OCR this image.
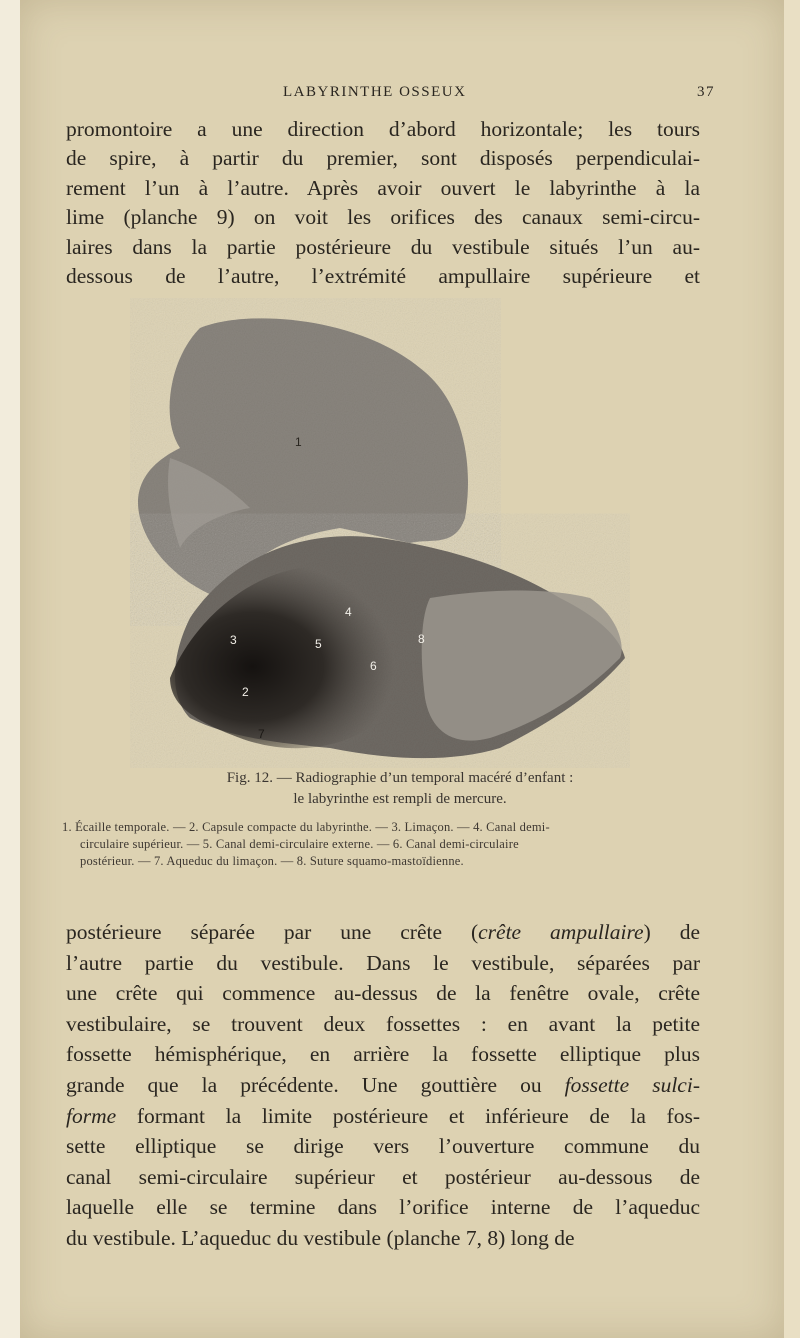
LABYRINTHE OSSEUX	37
promontoire a une direction d’abord horizontale; les tours
de spire, à partir du premier, sont disposés perpendiculai-
rement l’un à l’autre. Après avoir ouvert le labyrinthe à la
lime (planche 9) on voit les orifices des canaux semi-circu-
laires dans la partie postérieure du vestibule situés l’un au-
dessous de l’autre, l’extrémité ampullaire supérieure et
1
2
3
4
5
6
7
8
Fig. 12. — Radiographie d’un temporal macéré d’enfant :
le labyrinthe est rempli de mercure.
1. Écaille temporale. — 2. Capsule compacte du labyrinthe. — 3. Limaçon. — 4. Canal demi-
circulaire supérieur. — 5. Canal demi-circulaire externe. — 6. Canal demi-circulaire
postérieur. — 7. Aqueduc du limaçon. — 8. Suture squamo-mastoïdienne.
postérieure séparée par une crête (crête ampullaire) de
l’autre partie du vestibule. Dans le vestibule, séparées par
une crête qui commence au-dessus de la fenêtre ovale, crête
vestibulaire, se trouvent deux fossettes : en avant la petite
fossette hémisphérique, en arrière la fossette elliptique plus
grande que la précédente. Une gouttière ou fossette sulci-
forme formant la limite postérieure et inférieure de la fos-
sette elliptique se dirige vers l’ouverture commune du
canal semi-circulaire supérieur et postérieur au-dessous de
laquelle elle se termine dans l’orifice interne de l’aqueduc
du vestibule. L’aqueduc du vestibule (planche 7, 8) long de
